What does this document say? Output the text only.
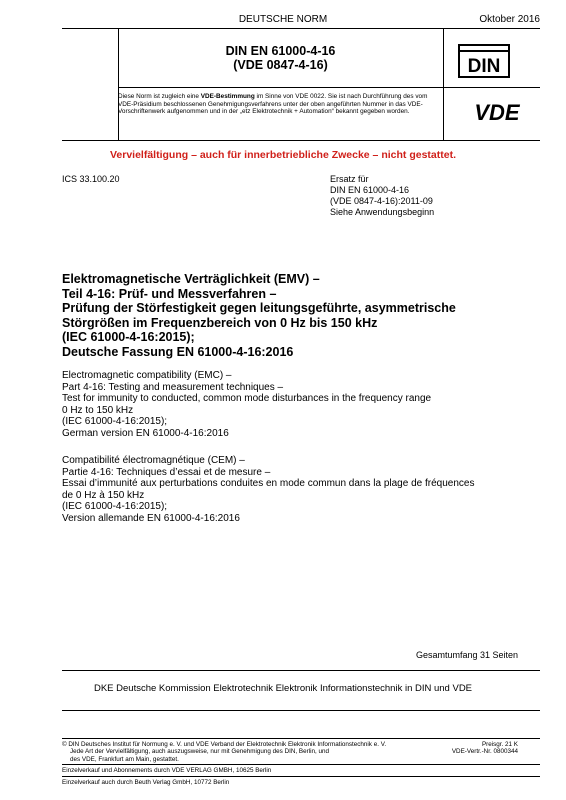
DEUTSCHE NORM	Oktober 2016
DIN EN 61000-4-16
(VDE 0847-4-16)	DIN
Diese Norm ist zugleich eine VDE-Bestimmung im Sinne von VDE 0022. Sie ist nach Durchführung des vom VDE-Präsidium beschlossenen Genehmigungsverfahrens unter der oben angeführten Nummer in das VDE-Vorschriftenwerk aufgenommen und in der „etz Elektrotechnik + Automation“ bekannt gegeben worden.	VDE
Vervielfältigung – auch für innerbetriebliche Zwecke – nicht gestattet.
ICS 33.100.20	Ersatz für
DIN EN 61000-4-16
(VDE 0847-4-16):2011-09
Siehe Anwendungsbeginn
Elektromagnetische Verträglichkeit (EMV) –
Teil 4-16: Prüf- und Messverfahren –
Prüfung der Störfestigkeit gegen leitungsgeführte, asymmetrische
Störgrößen im Frequenzbereich von 0 Hz bis 150 kHz
(IEC 61000-4-16:2015);
Deutsche Fassung EN 61000-4-16:2016
Electromagnetic compatibility (EMC) –
Part 4-16: Testing and measurement techniques –
Test for immunity to conducted, common mode disturbances in the frequency range
0 Hz to 150 kHz
(IEC 61000-4-16:2015);
German version EN 61000-4-16:2016
Compatibilité électromagnétique (CEM) –
Partie 4-16: Techniques d’essai et de mesure –
Essai d’immunité aux perturbations conduites en mode commun dans la plage de fréquences
de 0 Hz à 150 kHz
(IEC 61000-4-16:2015);
Version allemande EN 61000-4-16:2016
Gesamtumfang 31 Seiten
DKE Deutsche Kommission Elektrotechnik Elektronik Informationstechnik in DIN und VDE
© DIN Deutsches Institut für Normung e. V. und VDE Verband der Elektrotechnik Elektronik Informationstechnik e. V.
Jede Art der Vervielfältigung, auch auszugsweise, nur mit Genehmigung des DIN, Berlin, und
des VDE, Frankfurt am Main, gestattet.
Preisgr. 21 K
VDE-Vertr.-Nr. 0800344
Einzelverkauf und Abonnements durch VDE VERLAG GMBH, 10625 Berlin
Einzelverkauf auch durch Beuth Verlag GmbH, 10772 Berlin
